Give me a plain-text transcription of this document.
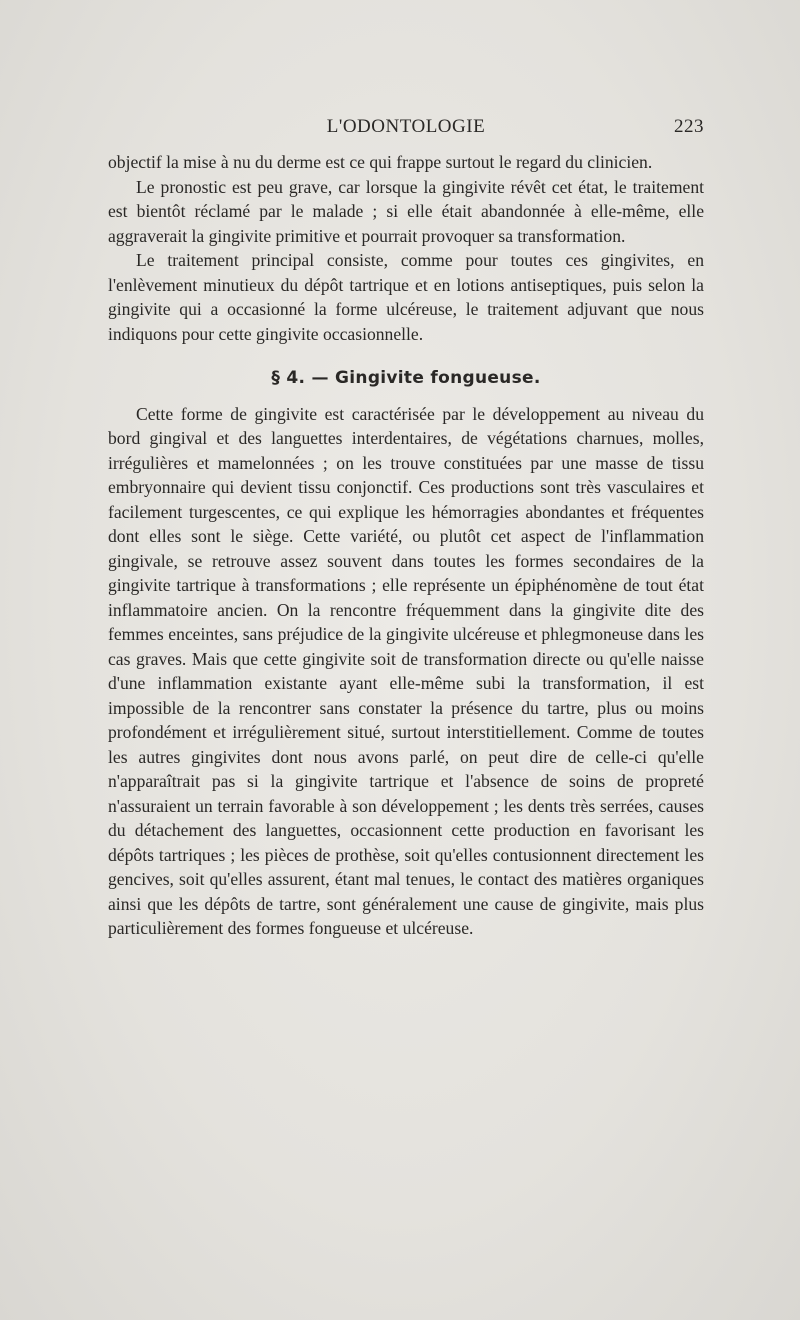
L'ODONTOLOGIE	223

objectif la mise à nu du derme est ce qui frappe surtout le regard du clinicien.

Le pronostic est peu grave, car lorsque la gingivite révêt cet état, le traitement est bientôt réclamé par le malade ; si elle était abandonnée à elle-même, elle aggraverait la gingivite primitive et pourrait provoquer sa transformation.

Le traitement principal consiste, comme pour toutes ces gingivites, en l'enlèvement minutieux du dépôt tartrique et en lotions antiseptiques, puis selon la gingivite qui a occasionné la forme ulcéreuse, le traitement adjuvant que nous indiquons pour cette gingivite occasionnelle.

§ 4. — Gingivite fongueuse.

Cette forme de gingivite est caractérisée par le développement au niveau du bord gingival et des languettes interdentaires, de végétations charnues, molles, irrégulières et mamelonnées ; on les trouve constituées par une masse de tissu embryonnaire qui devient tissu conjonctif. Ces productions sont très vasculaires et facilement turgescentes, ce qui explique les hémorragies abondantes et fréquentes dont elles sont le siège. Cette variété, ou plutôt cet aspect de l'inflammation gingivale, se retrouve assez souvent dans toutes les formes secondaires de la gingivite tartrique à transformations ; elle représente un épiphénomène de tout état inflammatoire ancien. On la rencontre fréquemment dans la gingivite dite des femmes enceintes, sans préjudice de la gingivite ulcéreuse et phlegmoneuse dans les cas graves. Mais que cette gingivite soit de transformation directe ou qu'elle naisse d'une inflammation existante ayant elle-même subi la transformation, il est impossible de la rencontrer sans constater la présence du tartre, plus ou moins profondément et irrégulièrement situé, surtout interstitiellement. Comme de toutes les autres gingivites dont nous avons parlé, on peut dire de celle-ci qu'elle n'apparaîtrait pas si la gingivite tartrique et l'absence de soins de propreté n'assuraient un terrain favorable à son développement ; les dents très serrées, causes du détachement des languettes, occasionnent cette production en favorisant les dépôts tartriques ; les pièces de prothèse, soit qu'elles contusionnent directement les gencives, soit qu'elles assurent, étant mal tenues, le contact des matières organiques ainsi que les dépôts de tartre, sont généralement une cause de gingivite, mais plus particulièrement des formes fongueuse et ulcéreuse.
